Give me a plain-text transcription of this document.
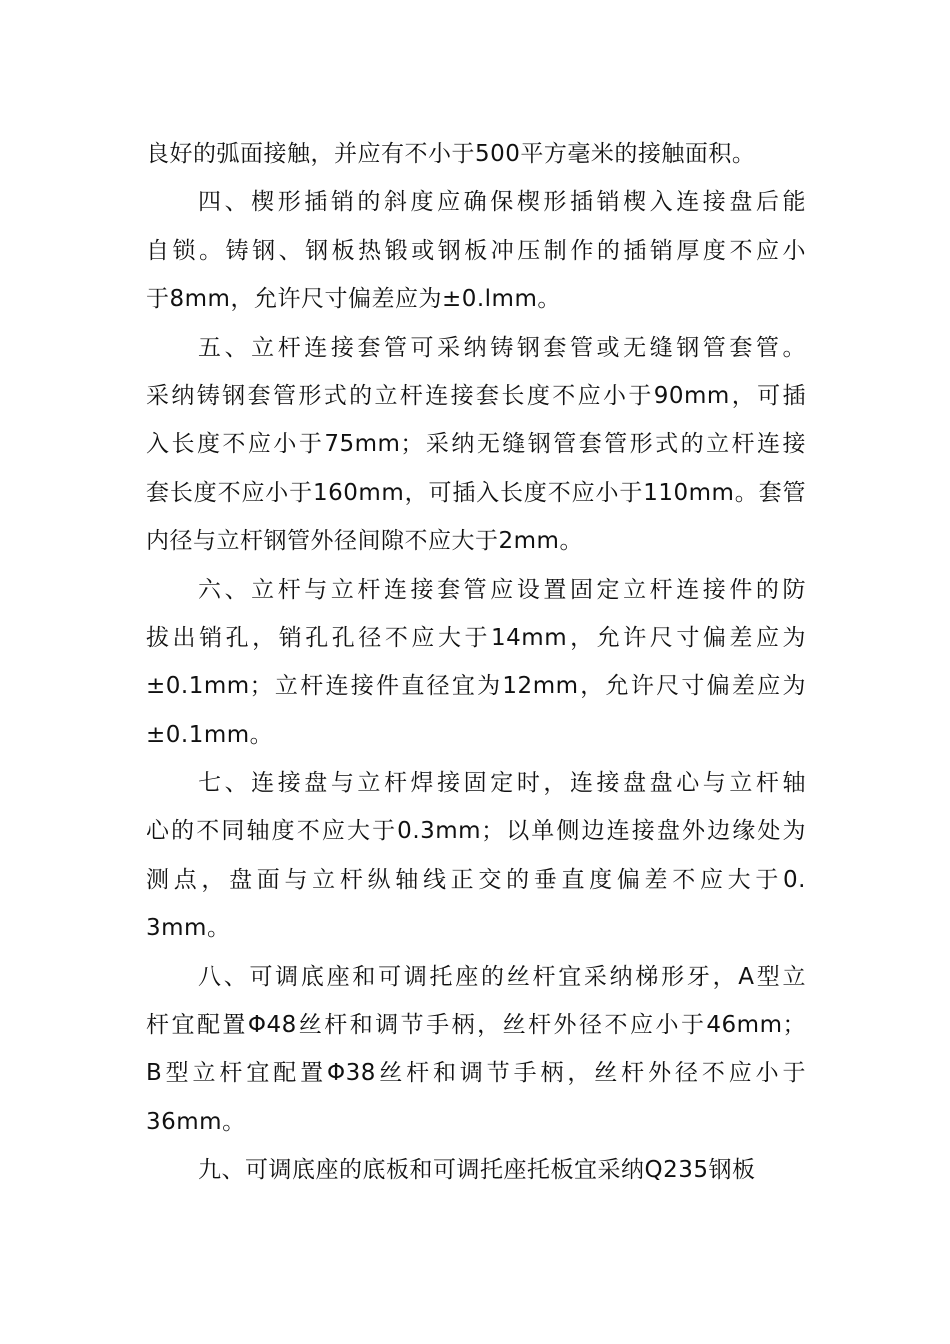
良好的弧面接触，并应有不小于500平方毫米的接触面积。
四、楔形插销的斜度应确保楔形插销楔入连接盘后能
自锁。铸钢、钢板热锻或钢板冲压制作的插销厚度不应小
于8mm，允许尺寸偏差应为±0.lmm。
五、立杆连接套管可采纳铸钢套管或无缝钢管套管。
采纳铸钢套管形式的立杆连接套长度不应小于90mm，可插
入长度不应小于75mm；采纳无缝钢管套管形式的立杆连接
套长度不应小于160mm，可插入长度不应小于110mm。套管
内径与立杆钢管外径间隙不应大于2mm。
六、立杆与立杆连接套管应设置固定立杆连接件的防
拔出销孔，销孔孔径不应大于14mm，允许尺寸偏差应为
±0.1mm；立杆连接件直径宜为12mm，允许尺寸偏差应为
±0.1mm。
七、连接盘与立杆焊接固定时，连接盘盘心与立杆轴
心的不同轴度不应大于0.3mm；以单侧边连接盘外边缘处为
测点，盘面与立杆纵轴线正交的垂直度偏差不应大于0.
3mm。
八、可调底座和可调托座的丝杆宜采纳梯形牙，A型立
杆宜配置Φ48丝杆和调节手柄，丝杆外径不应小于46mm；
B型立杆宜配置Φ38丝杆和调节手柄，丝杆外径不应小于
36mm。
九、可调底座的底板和可调托座托板宜采纳Q235钢板
